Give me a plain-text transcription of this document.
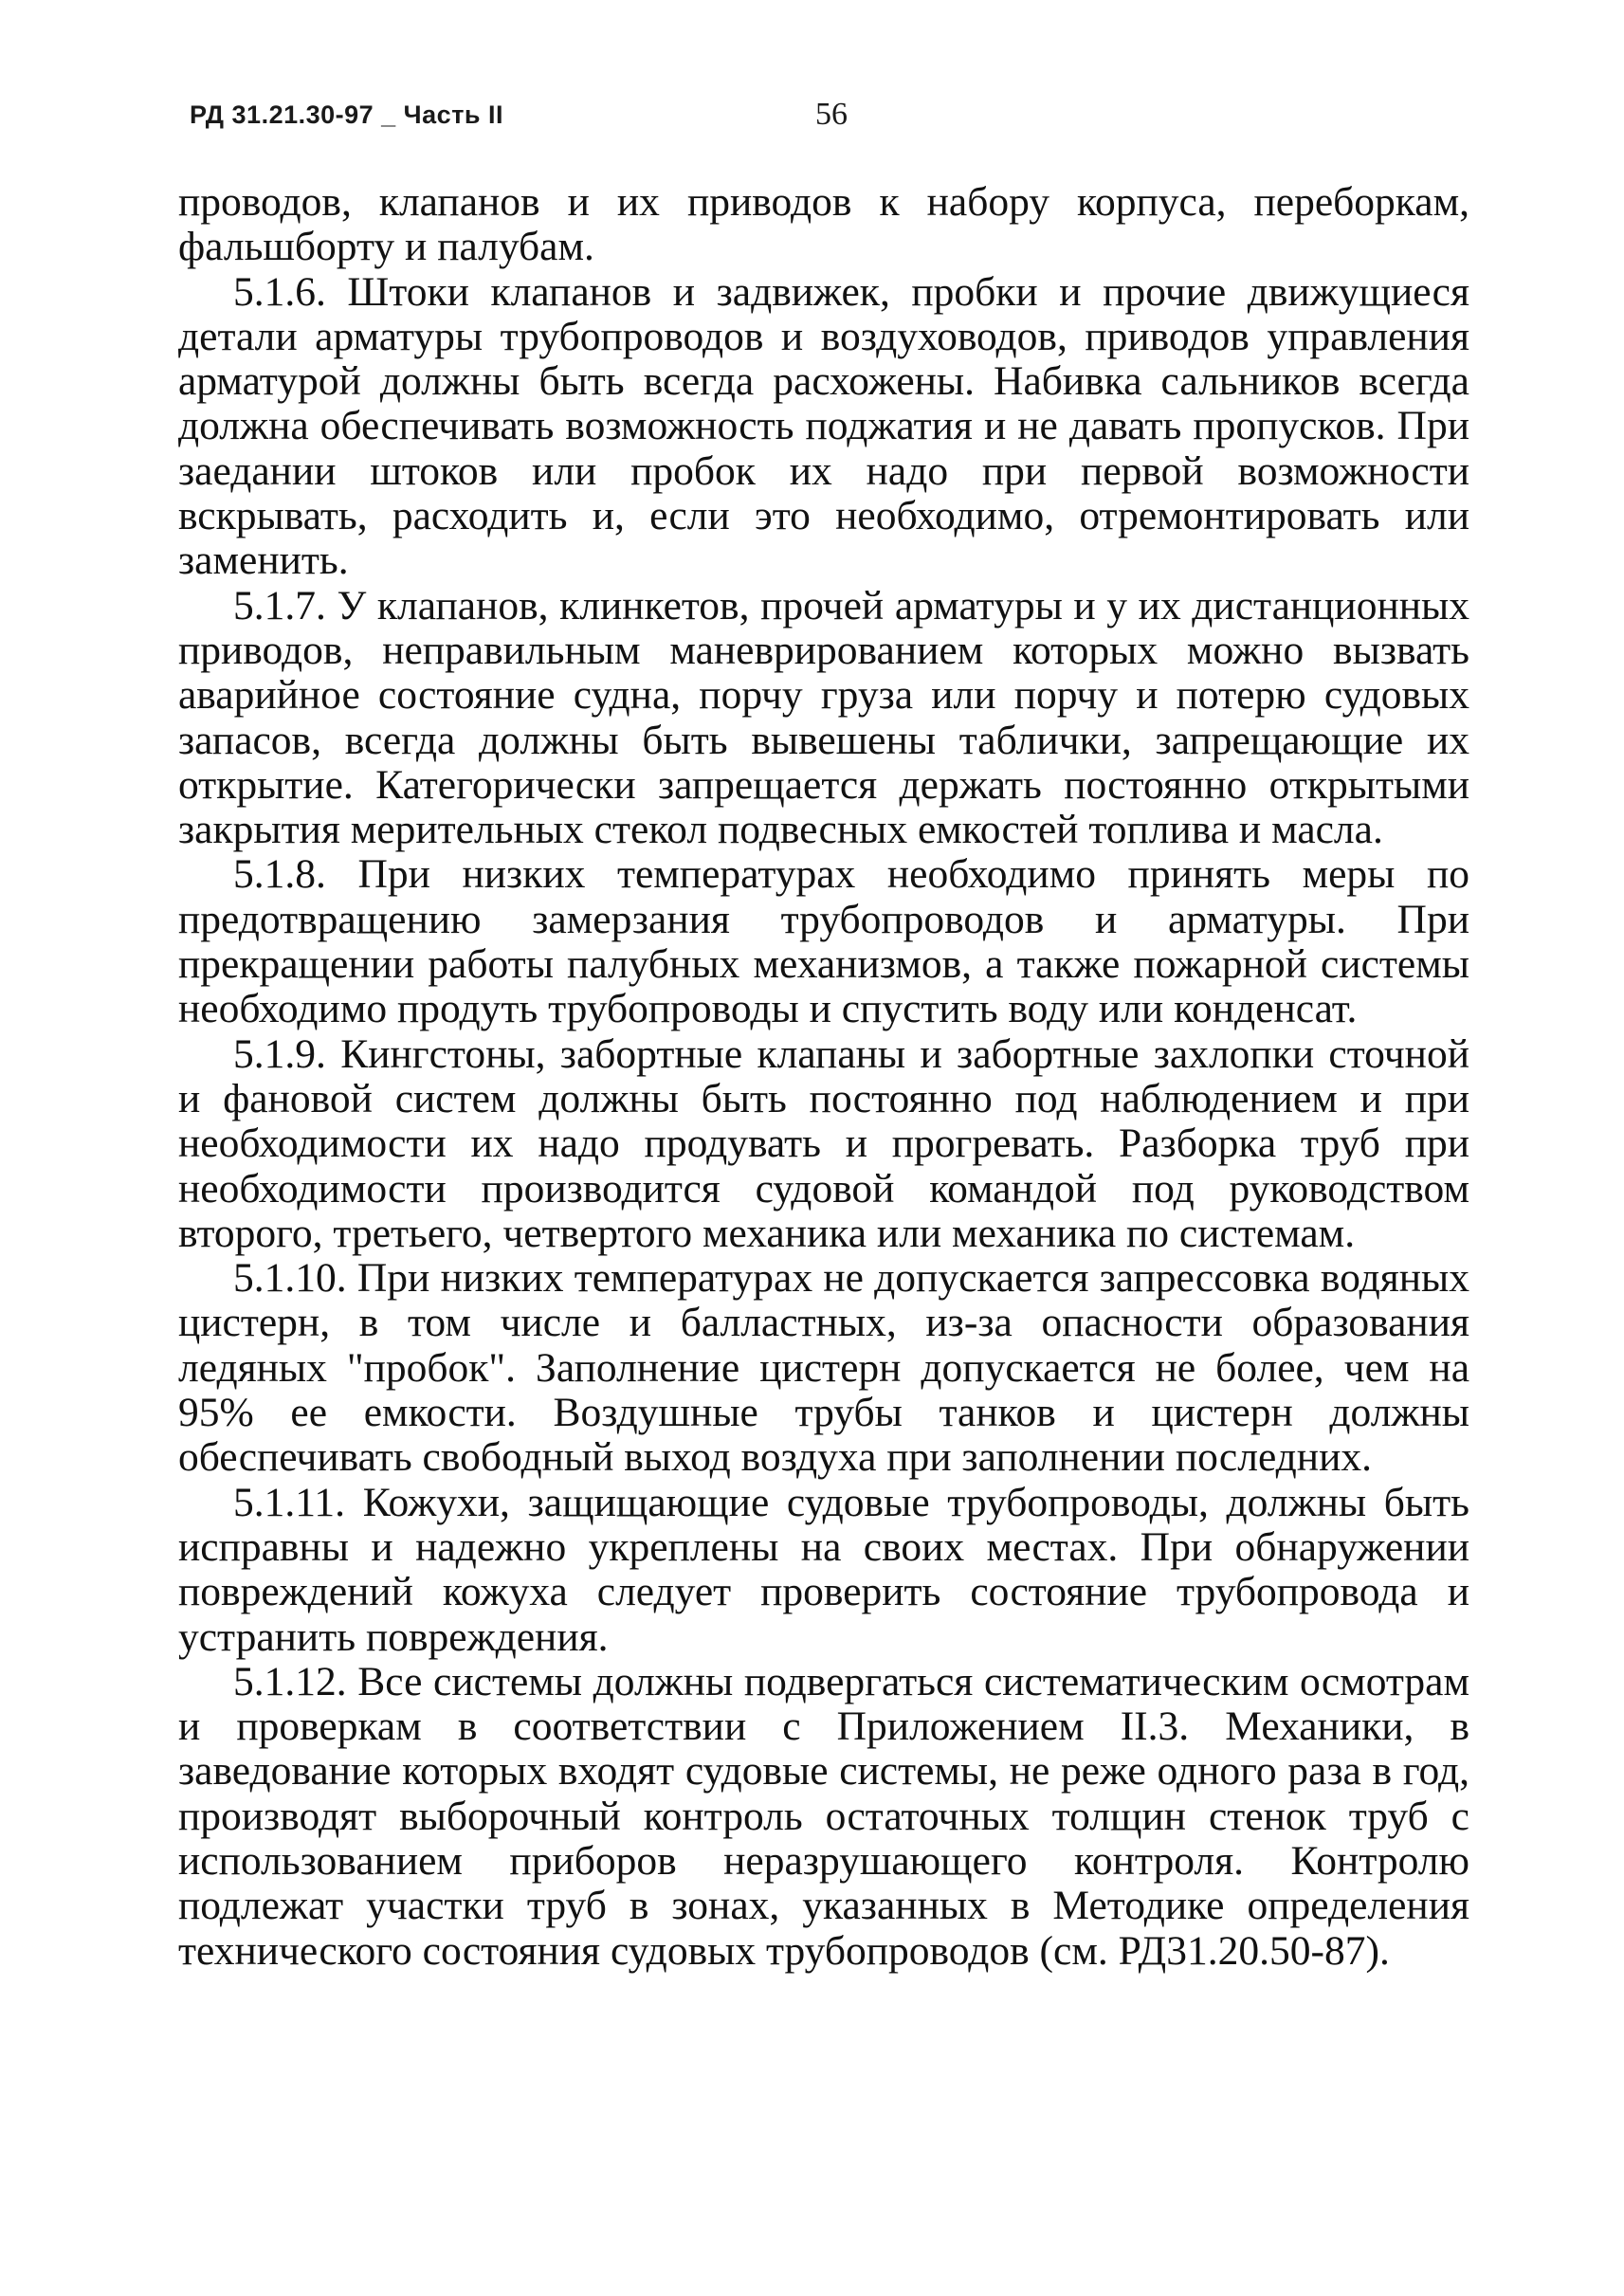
РД 31.21.30-97 _ Часть II	56

проводов, клапанов и их приводов к набору корпуса, переборкам, фальшборту и палубам.

5.1.6. Штоки клапанов и задвижек, пробки и прочие движущиеся детали арматуры трубопроводов и воздуховодов, приводов управления арматурой должны быть всегда расхожены. Набивка сальников всегда должна обеспечивать возможность поджатия и не давать пропусков. При заедании штоков или пробок их надо при первой возможности вскрывать, расходить и, если это необходимо, отремонтировать или заменить.

5.1.7. У клапанов, клинкетов, прочей арматуры и у их дистанционных приводов, неправильным маневрированием которых можно вызвать аварийное состояние судна, порчу груза или порчу и потерю судовых запасов, всегда должны быть вывешены таблички, запрещающие их открытие. Категорически запрещается держать постоянно открытыми закрытия мерительных стекол подвесных емкостей топлива и масла.

5.1.8. При низких температурах необходимо принять меры по предотвращению замерзания трубопроводов и арматуры. При прекращении работы палубных механизмов, а также пожарной системы необходимо продуть трубопроводы и спустить воду или конденсат.

5.1.9. Кингстоны, забортные клапаны и забортные захлопки сточной и фановой систем должны быть постоянно под наблюдением и при необходимости их надо продувать и прогревать. Разборка труб при необходимости производится судовой командой под руководством второго, третьего, четвертого механика или механика по системам.

5.1.10. При низких температурах не допускается запрессовка водяных цистерн, в том числе и балластных, из-за опасности образования ледяных "пробок". Заполнение цистерн допускается не более, чем на 95% ее емкости. Воздушные трубы танков и цистерн должны обеспечивать свободный выход воздуха при заполнении последних.

5.1.11. Кожухи, защищающие судовые трубопроводы, должны быть исправны и надежно укреплены на своих местах. При обнаружении повреждений кожуха следует проверить состояние трубопровода и устранить повреждения.

5.1.12. Все системы должны подвергаться систематическим осмотрам и проверкам в соответствии с Приложением II.3. Механики, в заведование которых входят судовые системы, не реже одного раза в год, производят выборочный контроль остаточных толщин стенок труб с использованием приборов неразрушающего контроля. Контролю подлежат участки труб в зонах, указанных в Методике определения технического состояния судовых трубопроводов (см. РД31.20.50-87).
